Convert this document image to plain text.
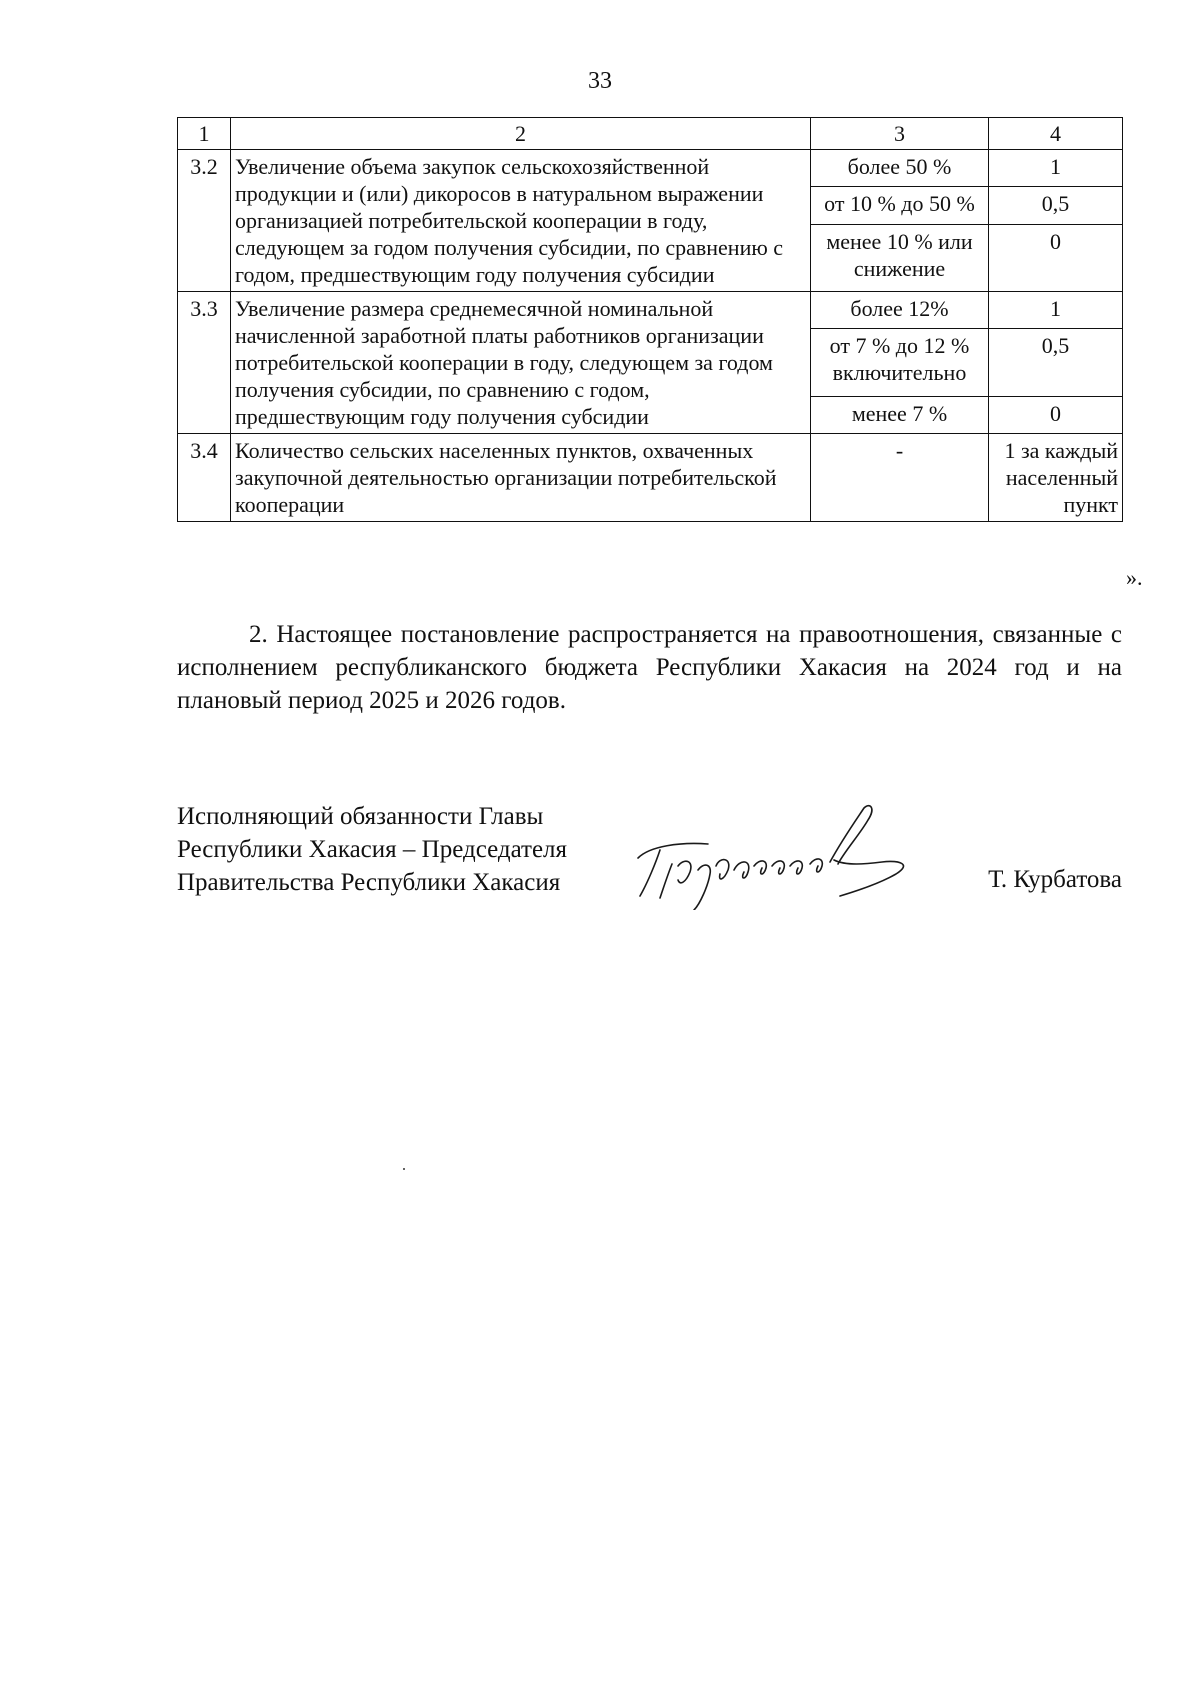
33
1	2	3	4
3.2	Увеличение объема закупок сельскохозяйственной продукции и (или) дикоросов в натуральном выражении организацией потребительской кооперации в году, следующем за годом получения субсидии, по сравнению с годом, предшествующим году получения субсидии	более 50 %	1
		от 10 % до 50 %	0,5
		менее 10 % или снижение	0
3.3	Увеличение размера среднемесячной номинальной начисленной заработной платы работников организации потребительской кооперации в году, следующем за годом получения субсидии, по сравнению с годом, предшествующим году получения субсидии	более 12%	1
		от 7 % до 12 % включительно	0,5
		менее 7 %	0
3.4	Количество сельских населенных пунктов, охваченных закупочной деятельностью организации потребительской кооперации	-	1 за каждый населенный пункт
».
2. Настоящее постановление распространяется на правоотношения, связанные с исполнением республиканского бюджета Республики Хакасия на 2024 год и на плановый период 2025 и 2026 годов.
Исполняющий обязанности Главы
Республики Хакасия – Председателя
Правительства Республики Хакасия	Т. Курбатова
